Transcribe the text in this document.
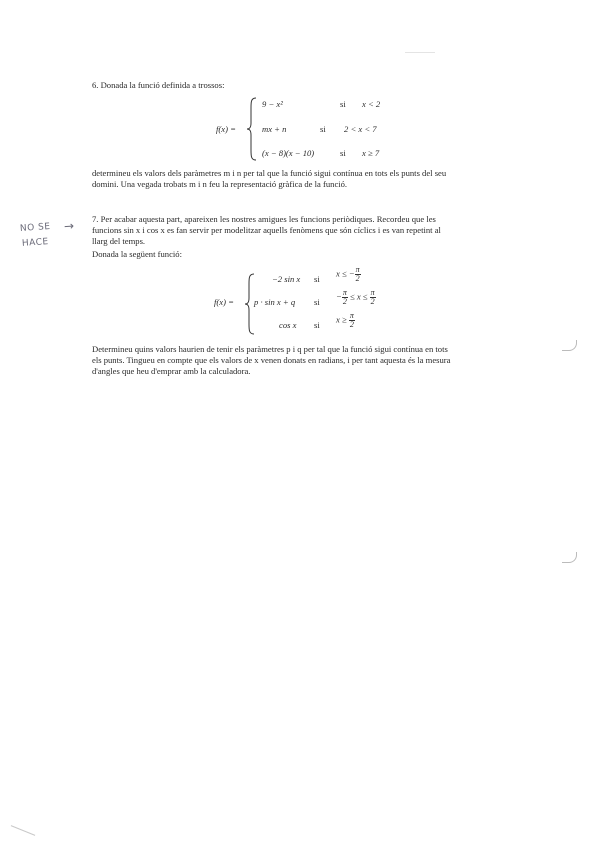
6. Donada la funció definida a trossos:
f(x) =
9 − x²	si x < 2
mx + n	si 2 < x < 7
(x − 8)(x − 10)	si x ≥ 7
determineu els valors dels paràmetres m i n per tal que la funció sigui contínua en tots els punts del seu
domini. Una vegada trobats m i n feu la representació gràfica de la funció.
NO SE →
HACE
7. Per acabar aquesta part, apareixen les nostres amigues les funcions periòdiques. Recordeu que les
funcions sin x i cos x es fan servir per modelitzar aquells fenòmens que són cíclics i es van repetint al
llarg del temps.
Donada la següent funció:
f(x) =
−2 sin x si
x ≤ − $\frac{\pi}{2}$
p · sin x + q si
− $\frac{\pi}{2} \le x \le \frac{\pi}{2}$
cos x si
$x \ge \frac{\pi}{2}$
Determineu quins valors haurien de tenir els paràmetres p i q per tal que la funció sigui contínua en tots
els punts. Tingueu en compte que els valors de x venen donats en radians, i per tant aquesta és la mesura
d'angles que heu d'emprar amb la calculadora.
